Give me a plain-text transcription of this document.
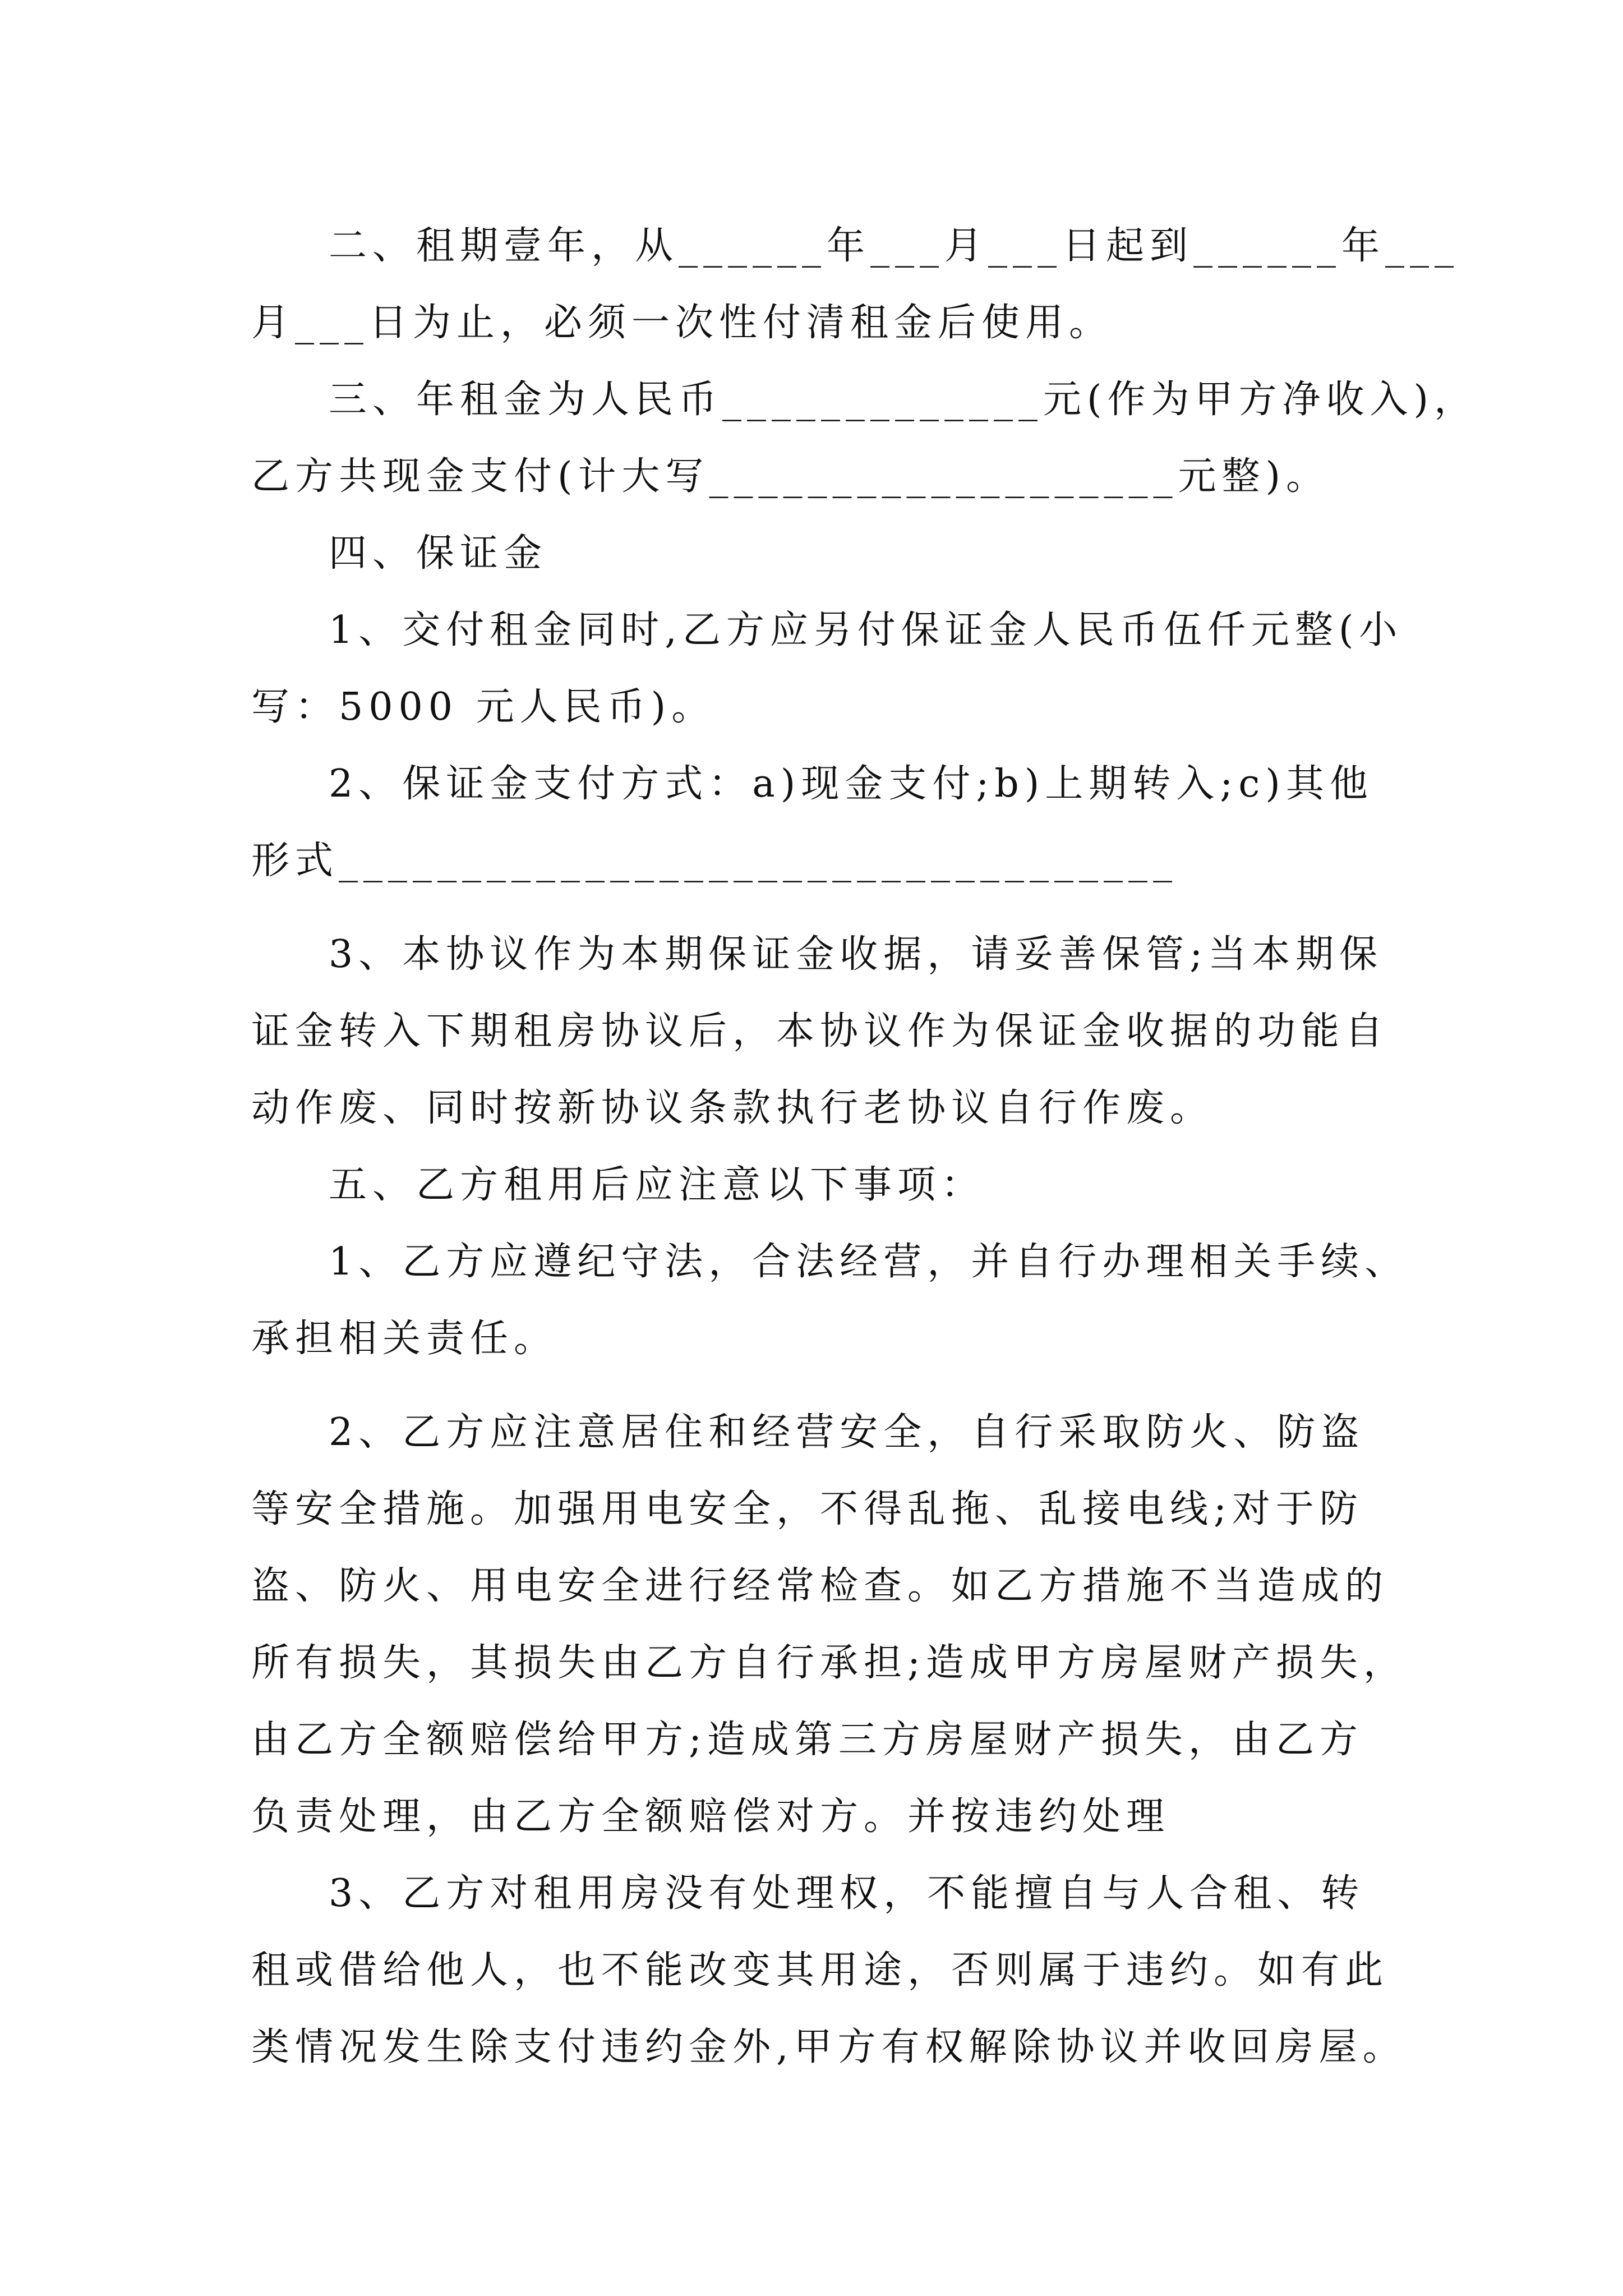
二、租期壹年，从______年___月___日起到______年___
月___日为止，必须一次性付清租金后使用。
三、年租金为人民币_____________元(作为甲方净收入)，
乙方共现金支付(计大写___________________元整)。
四、保证金
1、交付租金同时,乙方应另付保证金人民币伍仟元整(小
写：5000 元人民币)。
2、保证金支付方式：a)现金支付;b)上期转入;c)其他
形式__________________________________
3、本协议作为本期保证金收据，请妥善保管;当本期保
证金转入下期租房协议后，本协议作为保证金收据的功能自
动作废、同时按新协议条款执行老协议自行作废。
五、乙方租用后应注意以下事项：
1、乙方应遵纪守法，合法经营，并自行办理相关手续、
承担相关责任。
2、乙方应注意居住和经营安全，自行采取防火、防盗
等安全措施。加强用电安全，不得乱拖、乱接电线;对于防
盗、防火、用电安全进行经常检查。如乙方措施不当造成的
所有损失，其损失由乙方自行承担;造成甲方房屋财产损失，
由乙方全额赔偿给甲方;造成第三方房屋财产损失，由乙方
负责处理，由乙方全额赔偿对方。并按违约处理
3、乙方对租用房没有处理权，不能擅自与人合租、转
租或借给他人，也不能改变其用途，否则属于违约。如有此
类情况发生除支付违约金外,甲方有权解除协议并收回房屋。
